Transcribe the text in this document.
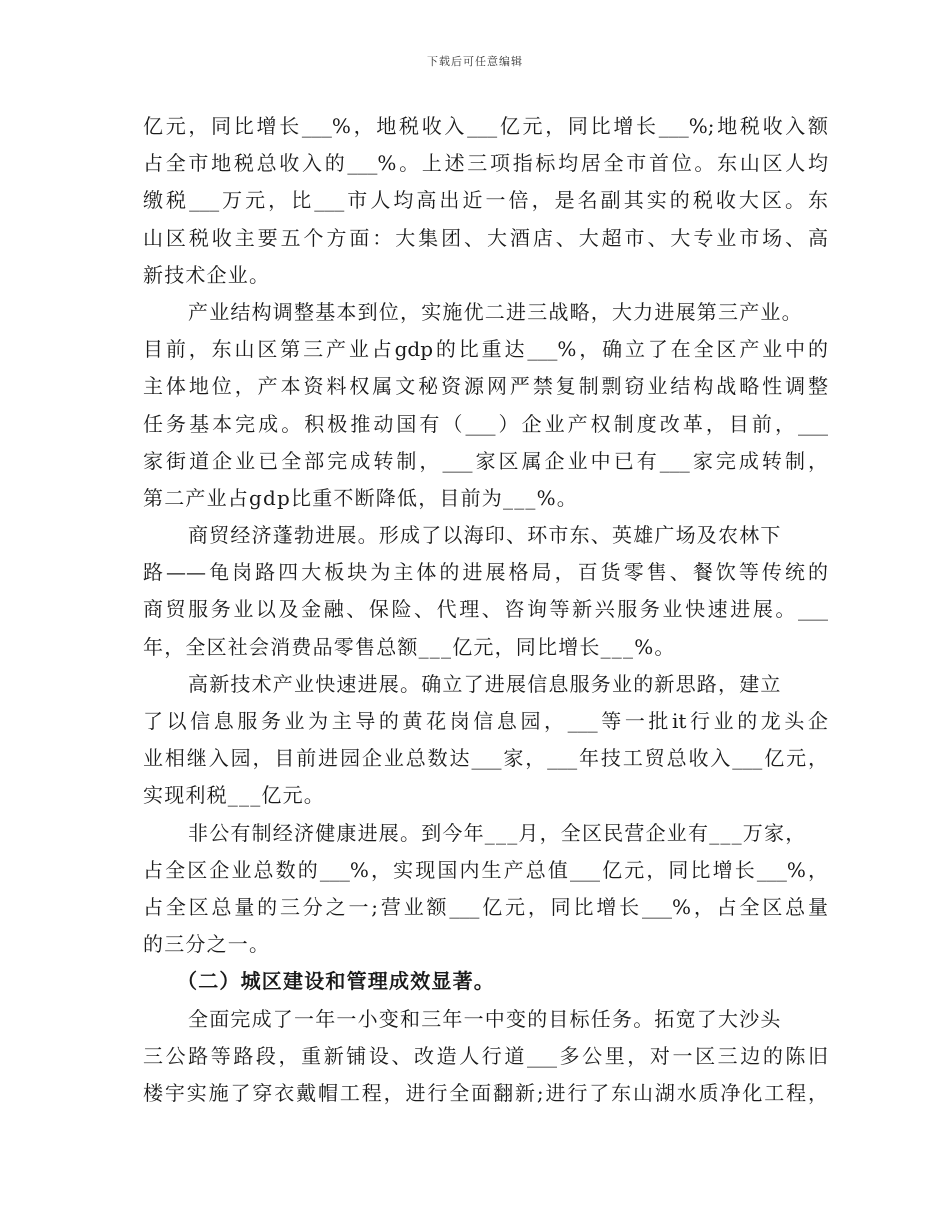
下载后可任意编辑
亿元，同比增长___%，地税收入___亿元，同比增长___%;地税收入额
占全市地税总收入的___%。上述三项指标均居全市首位。东山区人均
缴税___万元，比___市人均高出近一倍，是名副其实的税收大区。东
山区税收主要五个方面：大集团、大酒店、大超市、大专业市场、高
新技术企业。
产业结构调整基本到位，实施优二进三战略，大力进展第三产业。
目前，东山区第三产业占gdp的比重达___%，确立了在全区产业中的
主体地位，产本资料权属文秘资源网严禁复制剽窃业结构战略性调整
任务基本完成。积极推动国有（___）企业产权制度改革，目前，___
家街道企业已全部完成转制，___家区属企业中已有___家完成转制，
第二产业占gdp比重不断降低，目前为___%。
商贸经济蓬勃进展。形成了以海印、环市东、英雄广场及农林下
路——龟岗路四大板块为主体的进展格局，百货零售、餐饮等传统的
商贸服务业以及金融、保险、代理、咨询等新兴服务业快速进展。___
年，全区社会消费品零售总额___亿元，同比增长___%。
高新技术产业快速进展。确立了进展信息服务业的新思路，建立
了以信息服务业为主导的黄花岗信息园，___等一批it行业的龙头企
业相继入园，目前进园企业总数达___家，___年技工贸总收入___亿元，
实现利税___亿元。
非公有制经济健康进展。到今年___月，全区民营企业有___万家，
占全区企业总数的___%，实现国内生产总值___亿元，同比增长___%，
占全区总量的三分之一;营业额___亿元，同比增长___%，占全区总量
的三分之一。
（二）城区建设和管理成效显著。
全面完成了一年一小变和三年一中变的目标任务。拓宽了大沙头
三公路等路段，重新铺设、改造人行道___多公里，对一区三边的陈旧
楼宇实施了穿衣戴帽工程，进行全面翻新;进行了东山湖水质净化工程，
